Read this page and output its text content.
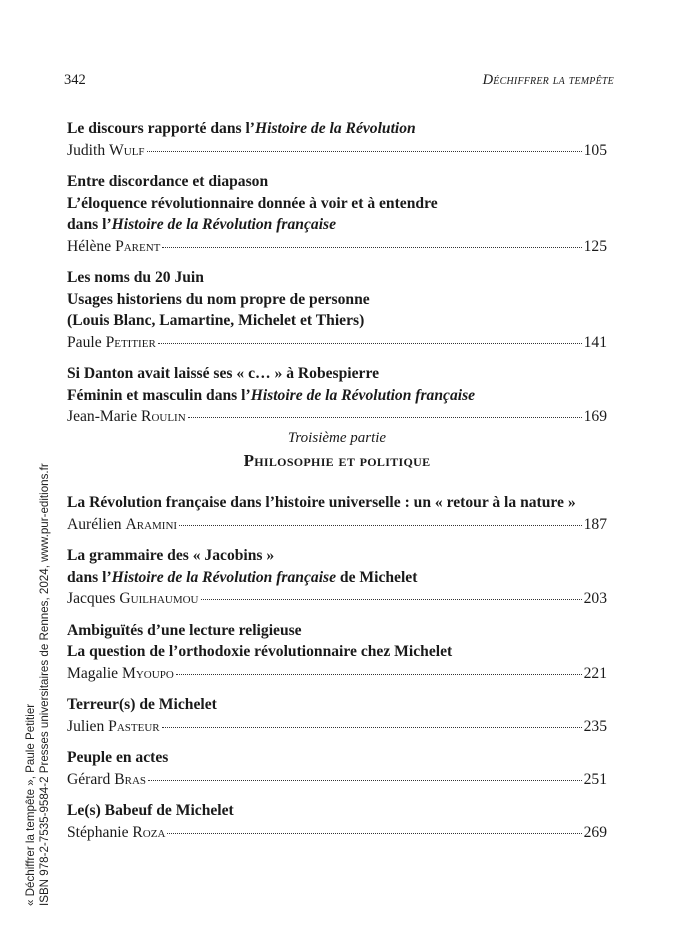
342	Déchiffrer la tempête
Le discours rapporté dans l’Histoire de la Révolution
Judith Wulf	105
Entre discordance et diapason
L’éloquence révolutionnaire donnée à voir et à entendre
dans l’Histoire de la Révolution française
Hélène Parent	125
Les noms du 20 Juin
Usages historiens du nom propre de personne
(Louis Blanc, Lamartine, Michelet et Thiers)
Paule Petitier	141
Si Danton avait laissé ses « c… » à Robespierre
Féminin et masculin dans l’Histoire de la Révolution française
Jean-Marie Roulin	169
Troisième partie
Philosophie et politique
La Révolution française dans l’histoire universelle : un « retour à la nature »
Aurélien Aramini	187
La grammaire des « Jacobins »
dans l’Histoire de la Révolution française de Michelet
Jacques Guilhaumou	203
Ambiguïtés d’une lecture religieuse
La question de l’orthodoxie révolutionnaire chez Michelet
Magalie Myoupo	221
Terreur(s) de Michelet
Julien Pasteur	235
Peuple en actes
Gérard Bras	251
Le(s) Babeuf de Michelet
Stéphanie Roza	269
« Déchiffrer la tempête », Paule Petitier ISBN 978-2-7535-9584-2 Presses universitaires de Rennes, 2024, www.pur-editions.fr
